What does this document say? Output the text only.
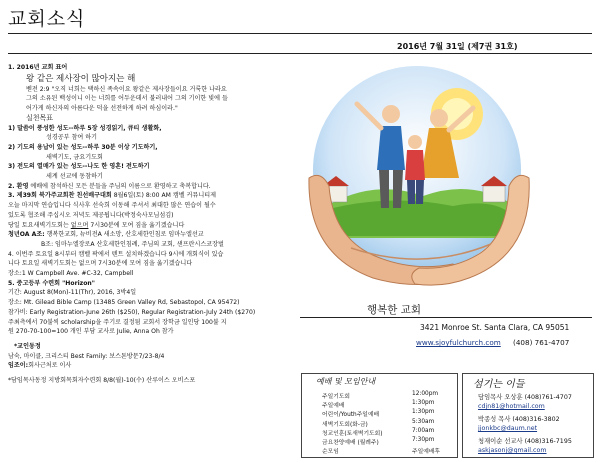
교회소식
2016년 7월 31일 (제7권 31호)

1. 2016년 교회 표어

왕 같은 제사장이 많아지는 해

벧전 2:9 "오직 너희는 택하신 족속이요 왕같은 제사장들이요 거룩한 나라요

그의 소유된 백성이니 이는 너희를 어두운데서 불러내어 그의 기이한 빛에 들

어가게 하신자의 아름다운 덕을 선전하게 하려 하심이라."

실천목표

1) 말씀이 풍성한 성도--하루 5장 성경읽기, 큐티 생활화,

성경공부 참여 하기

2) 기도의 용납이 있는 성도--하루 30분 이상 기도하기,

새벽기도, 금요기도회

3) 전도의 열매가 있는 성도--나도 한 영혼! 전도하기

세계 선교에 동참하기

2. 환영 예배에 참석하신 모든 분들을 주님의 이름으로 환영하고 축복합니다.

3. 제39회 북가주교회찬 친선배구대회 8월6일(토) 8:00 AM 캠벨 커뮤니티제

오늘 마지막 연습입니다 식사후 선숙희 이동해 주셔서 최대한 많은 연습이 될수

있도록 협조해 주십시오 저녁도 제공됩니다(박정숙사모님섬김)

당일 토요새벽기도회는 없으며 7시30분에 모여 짐을 옮기겠습니다

청년OA A조: 행복한교회, 뉴비전A 새소망, 산호세한인침로 임마누엘선교

B조: 임마누엘장로A 산호세한인침례, 주님의 교회, 샌프란시스코장벌

4. 이번주 토요일 8시부터 캠벨 팍에서 텐트 설치하겠습니다 9시에 개회식이 있습

니다 토요일 새벽기도회는 없으며 7시30분에 모여 짐을 옮기겠습니다

장소:1 W Campbell Ave. #C-32, Campbell

5. 중고등부 수련회 "Horizon"

기간: August 8(Mon)-11(Thr), 2016, 3박4일

장소: Mt. Gilead Bible Camp (13485 Green Valley Rd, Sebastopol, CA 95472)

참가비: Early Registration-June 26th ($250), Regular Registration-July 24th ($270)

주최측에서 70불씩 scholarship을 주기로 결정됨 교회서 장학금 일인당 100불 지

원 270-70-100=100 개인 부담 교사로 Julie, Anna Oh 참가

*교인동정

남숙, 마이클, 크리스티 Best Family: 보스톤방문7/23-8/4

임조이:회사근처로 이사

*담임목사동정 지방회목회자수련회 8/8(월)-10(수) 산루이스 오비스포

행복한 교회
3421 Monroe St. Santa Clara, CA 95051
www.sjoyfulchurch.com (408) 761-4707
예배 및 모임안내
주일기도회	12:00pm
주일예배	1:30pm
어린이/Youth주일예배	1:30pm
새벽기도회(화-금)	5:30am
청교인훈(토새벽기도회)	7:00am
금요찬양예배 (월례주)	7:30pm
순모임	주일예배후
섬기는 이들
담임목사 오상훈 (408)761-4707
cdjn81@hotmail.com
박종성 목사 (408)316-3802
jjonkbc@daum.net
청재이순 선교사 (408)316-7195
askjasonj@gmail.com
